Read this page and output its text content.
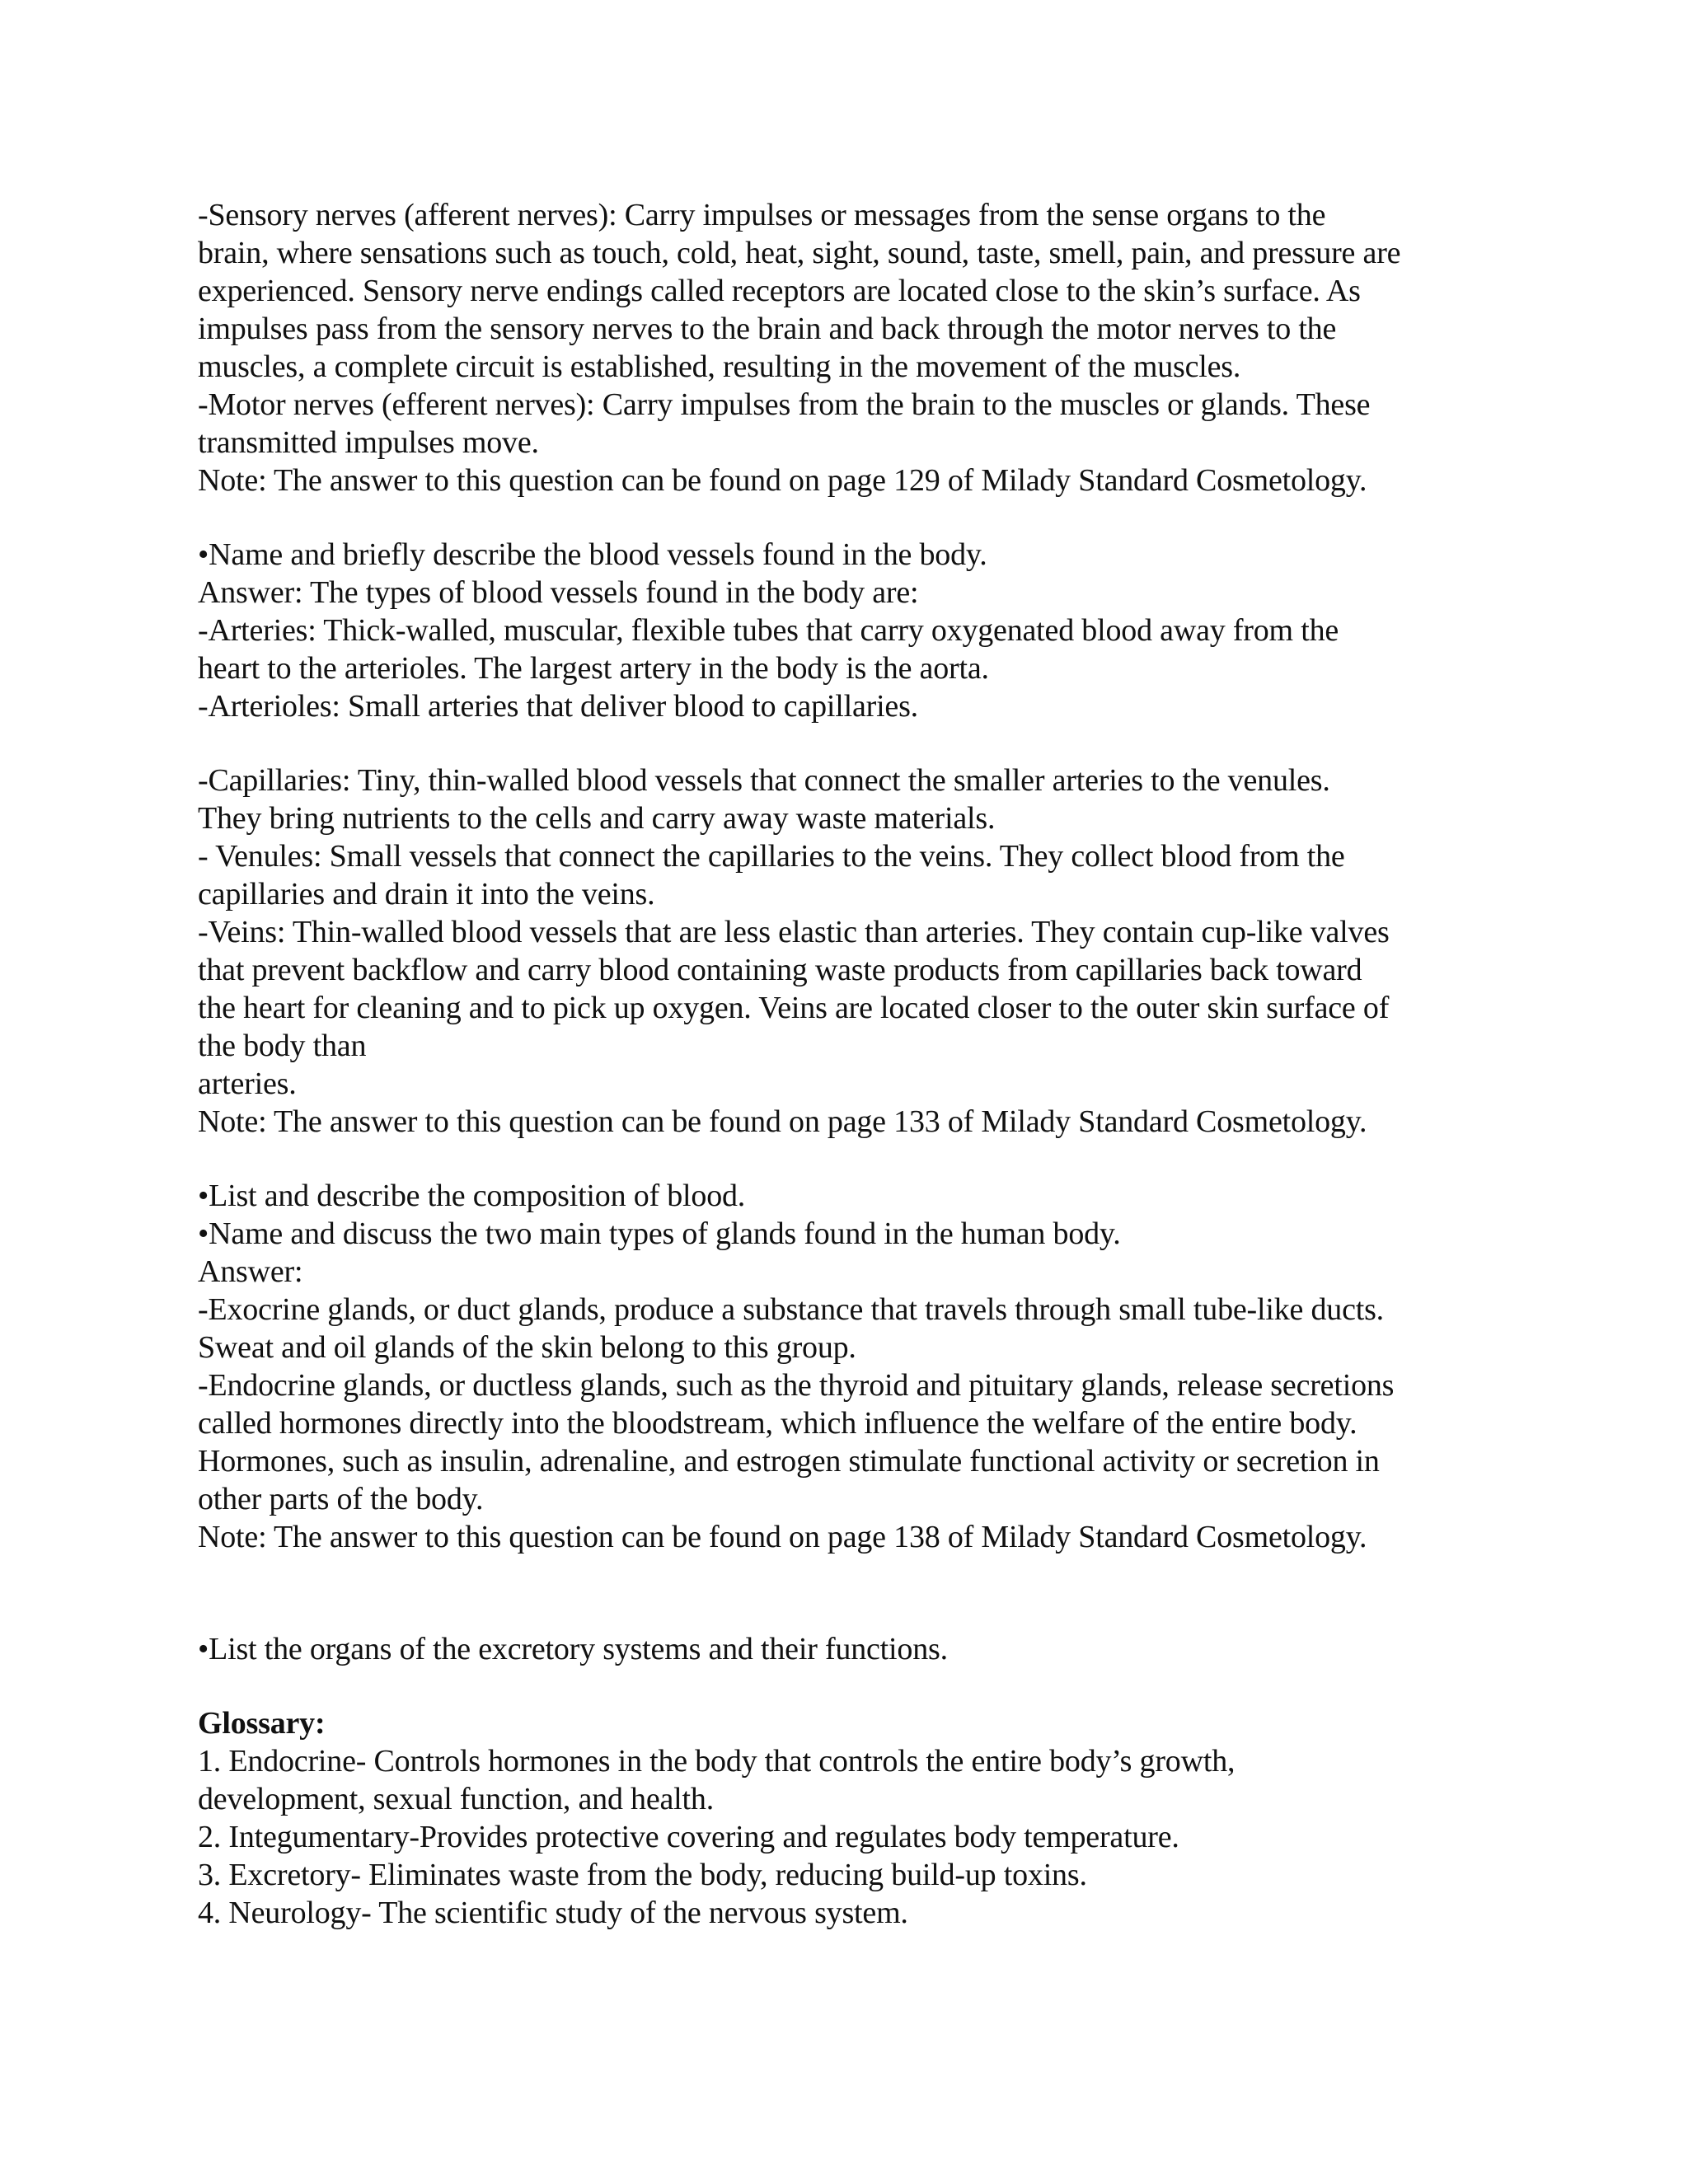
-Sensory nerves (afferent nerves): Carry impulses or messages from the sense organs to the
brain, where sensations such as touch, cold, heat, sight, sound, taste, smell, pain, and pressure are
experienced. Sensory nerve endings called receptors are located close to the skin’s surface. As
impulses pass from the sensory nerves to the brain and back through the motor nerves to the
muscles, a complete circuit is established, resulting in the movement of the muscles.
-Motor nerves (efferent nerves): Carry impulses from the brain to the muscles or glands. These
transmitted impulses move.
Note: The answer to this question can be found on page 129 of Milady Standard Cosmetology.
•Name and briefly describe the blood vessels found in the body.
Answer: The types of blood vessels found in the body are:
-Arteries: Thick-walled, muscular, flexible tubes that carry oxygenated blood away from the
heart to the arterioles. The largest artery in the body is the aorta.
-Arterioles: Small arteries that deliver blood to capillaries.
-Capillaries: Tiny, thin-walled blood vessels that connect the smaller arteries to the venules.
They bring nutrients to the cells and carry away waste materials.
- Venules: Small vessels that connect the capillaries to the veins. They collect blood from the
capillaries and drain it into the veins.
-Veins: Thin-walled blood vessels that are less elastic than arteries. They contain cup-like valves
that prevent backflow and carry blood containing waste products from capillaries back toward
the heart for cleaning and to pick up oxygen. Veins are located closer to the outer skin surface of
the body than
arteries.
Note: The answer to this question can be found on page 133 of Milady Standard Cosmetology.
•List and describe the composition of blood.
•Name and discuss the two main types of glands found in the human body.
Answer:
-Exocrine glands, or duct glands, produce a substance that travels through small tube-like ducts.
Sweat and oil glands of the skin belong to this group.
-Endocrine glands, or ductless glands, such as the thyroid and pituitary glands, release secretions
called hormones directly into the bloodstream, which influence the welfare of the entire body.
Hormones, such as insulin, adrenaline, and estrogen stimulate functional activity or secretion in
other parts of the body.
Note: The answer to this question can be found on page 138 of Milady Standard Cosmetology.
•List the organs of the excretory systems and their functions.
Glossary:
1. Endocrine- Controls hormones in the body that controls the entire body’s growth,
development, sexual function, and health.
2. Integumentary-Provides protective covering and regulates body temperature.
3. Excretory- Eliminates waste from the body, reducing build-up toxins.
4. Neurology- The scientific study of the nervous system.
